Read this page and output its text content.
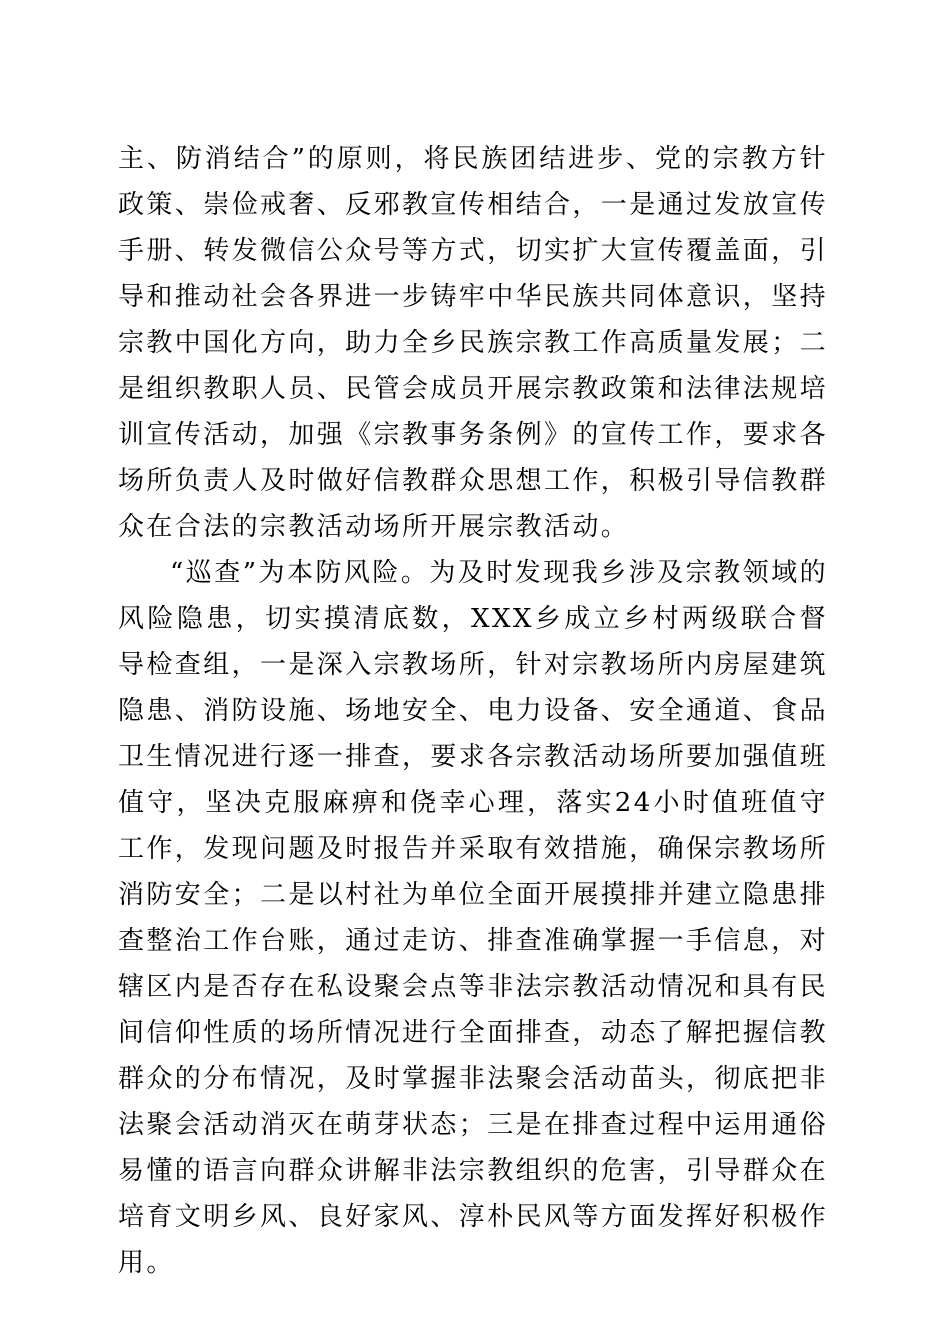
主、防消结合”的原则，将民族团结进步、党的宗教方针政策、崇俭戒奢、反邪教宣传相结合，一是通过发放宣传手册、转发微信公众号等方式，切实扩大宣传覆盖面，引导和推动社会各界进一步铸牢中华民族共同体意识，坚持宗教中国化方向，助力全乡民族宗教工作高质量发展；二是组织教职人员、民管会成员开展宗教政策和法律法规培训宣传活动，加强《宗教事务条例》的宣传工作，要求各场所负责人及时做好信教群众思想工作，积极引导信教群众在合法的宗教活动场所开展宗教活动。

“巡查”为本防风险。为及时发现我乡涉及宗教领域的风险隐患，切实摸清底数，XXX乡成立乡村两级联合督导检查组，一是深入宗教场所，针对宗教场所内房屋建筑隐患、消防设施、场地安全、电力设备、安全通道、食品卫生情况进行逐一排查，要求各宗教活动场所要加强值班值守，坚决克服麻痹和侥幸心理，落实24小时值班值守工作，发现问题及时报告并采取有效措施，确保宗教场所消防安全；二是以村社为单位全面开展摸排并建立隐患排查整治工作台账，通过走访、排查准确掌握一手信息，对辖区内是否存在私设聚会点等非法宗教活动情况和具有民间信仰性质的场所情况进行全面排查，动态了解把握信教群众的分布情况，及时掌握非法聚会活动苗头，彻底把非法聚会活动消灭在萌芽状态；三是在排查过程中运用通俗易懂的语言向群众讲解非法宗教组织的危害，引导群众在培育文明乡风、良好家风、淳朴民风等方面发挥好积极作用。
